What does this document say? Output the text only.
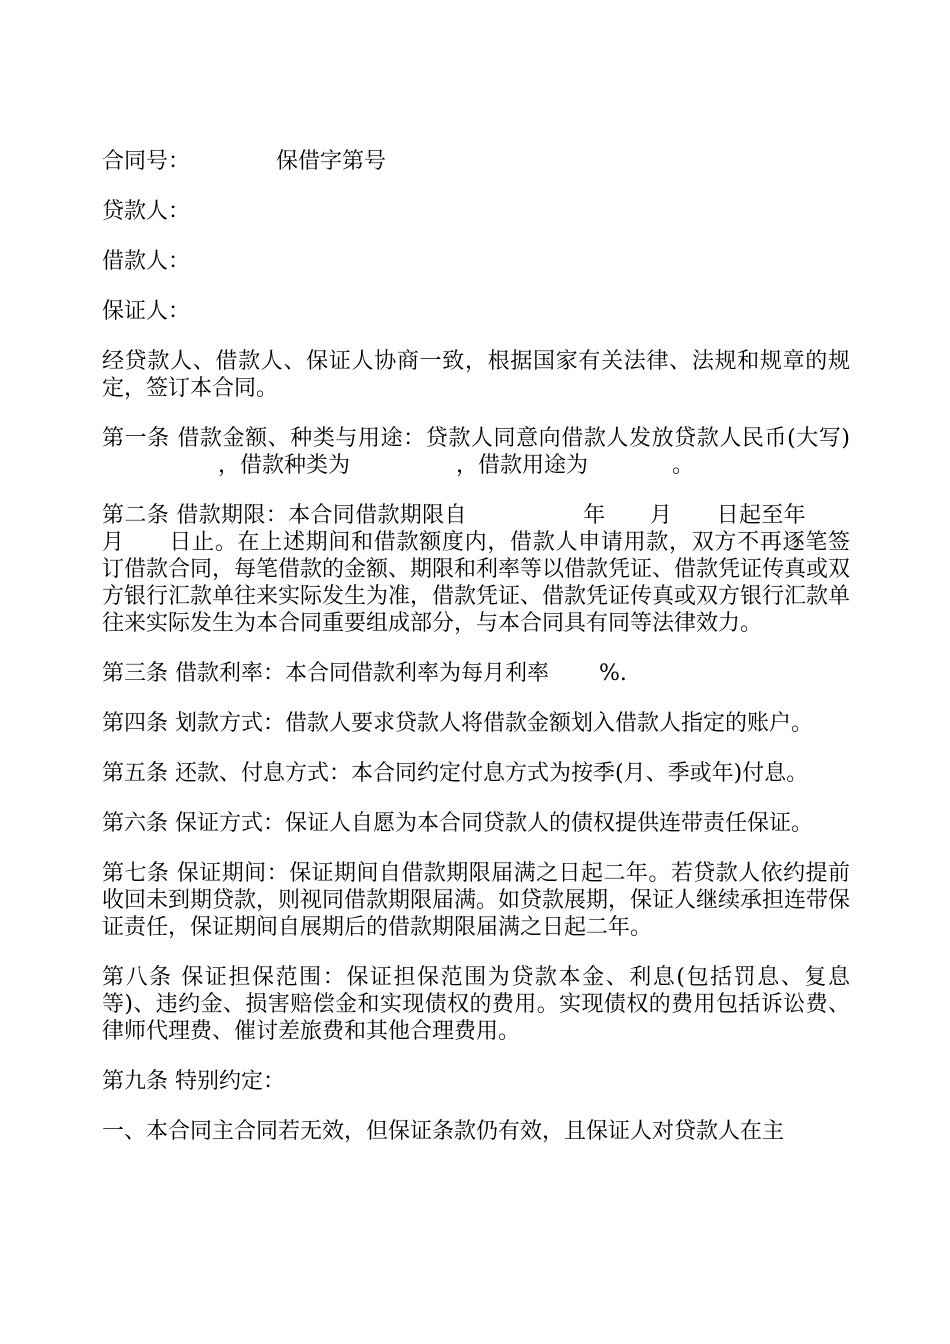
合同号：	保借字第号
贷款人：
借款人：
保证人：
经贷款人、借款人、保证人协商一致，根据国家有关法律、法规和规章的规定，签订本合同。
第一条 借款金额、种类与用途：贷款人同意向借款人发放贷款人民币(大写)，借款种类为	，借款用途为	。
第二条 借款期限：本合同借款期限自	年 月 日起至年月 日止。在上述期间和借款额度内，借款人申请用款，双方不再逐笔签订借款合同，每笔借款的金额、期限和利率等以借款凭证、借款凭证传真或双方银行汇款单往来实际发生为准，借款凭证、借款凭证传真或双方银行汇款单往来实际发生为本合同重要组成部分，与本合同具有同等法律效力。
第三条 借款利率：本合同借款利率为每月利率 %.
第四条 划款方式：借款人要求贷款人将借款金额划入借款人指定的账户。
第五条 还款、付息方式：本合同约定付息方式为按季(月、季或年)付息。
第六条 保证方式：保证人自愿为本合同贷款人的债权提供连带责任保证。
第七条 保证期间：保证期间自借款期限届满之日起二年。若贷款人依约提前收回未到期贷款，则视同借款期限届满。如贷款展期，保证人继续承担连带保证责任，保证期间自展期后的借款期限届满之日起二年。
第八条 保证担保范围：保证担保范围为贷款本金、利息(包括罚息、复息等)、违约金、损害赔偿金和实现债权的费用。实现债权的费用包括诉讼费、律师代理费、催讨差旅费和其他合理费用。
第九条 特别约定：
一、本合同主合同若无效，但保证条款仍有效，且保证人对贷款人在主
